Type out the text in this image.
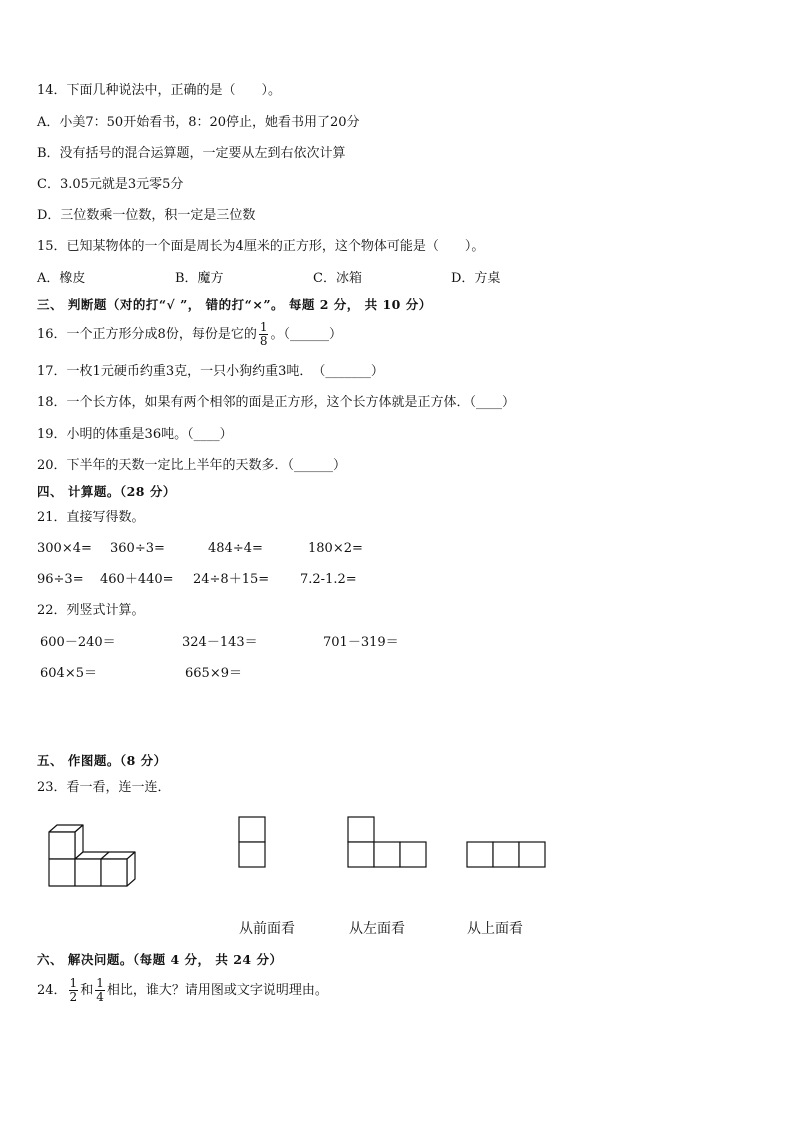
14．下面几种说法中，正确的是（　　）。
A．小美7：50开始看书，8：20停止，她看书用了20分
B．没有括号的混合运算题，一定要从左到右依次计算
C．3.05元就是3元零5分
D．三位数乘一位数，积一定是三位数
15．已知某物体的一个面是周长为4厘米的正方形，这个物体可能是（　　）。
A．橡皮	B．魔方	C．冰箱	D．方桌
三、 判断题（对的打“√ ”， 错的打“×”。 每题 2 分， 共 10 分）
16．一个正方形分成8份，每份是它的 $\frac{1}{8}$ 。（______）
17．一枚1元硬币约重3克，一只小狗约重3吨．　（_______）
18．一个长方体，如果有两个相邻的面是正方形，这个长方体就是正方体．（____）
19．小明的体重是36吨。（____）
20．下半年的天数一定比上半年的天数多．（______）
四、 计算题。（28 分）
21．直接写得数。
300×4= 360÷3=	484÷4=	180×2=
96÷3= 460＋440= 24÷8＋15= 7.2-1.2=
22．列竖式计算。
600－240＝	324－143＝	701－319＝
604×5＝	665×9＝
五、 作图题。（8 分）
23．看一看，连一连．
从前面看	从左面看	从上面看
六、 解决问题。（每题 4 分， 共 24 分）
24． $\frac{1}{2}$ 和 $\frac{1}{4}$ 相比，谁大？请用图或文字说明理由。
